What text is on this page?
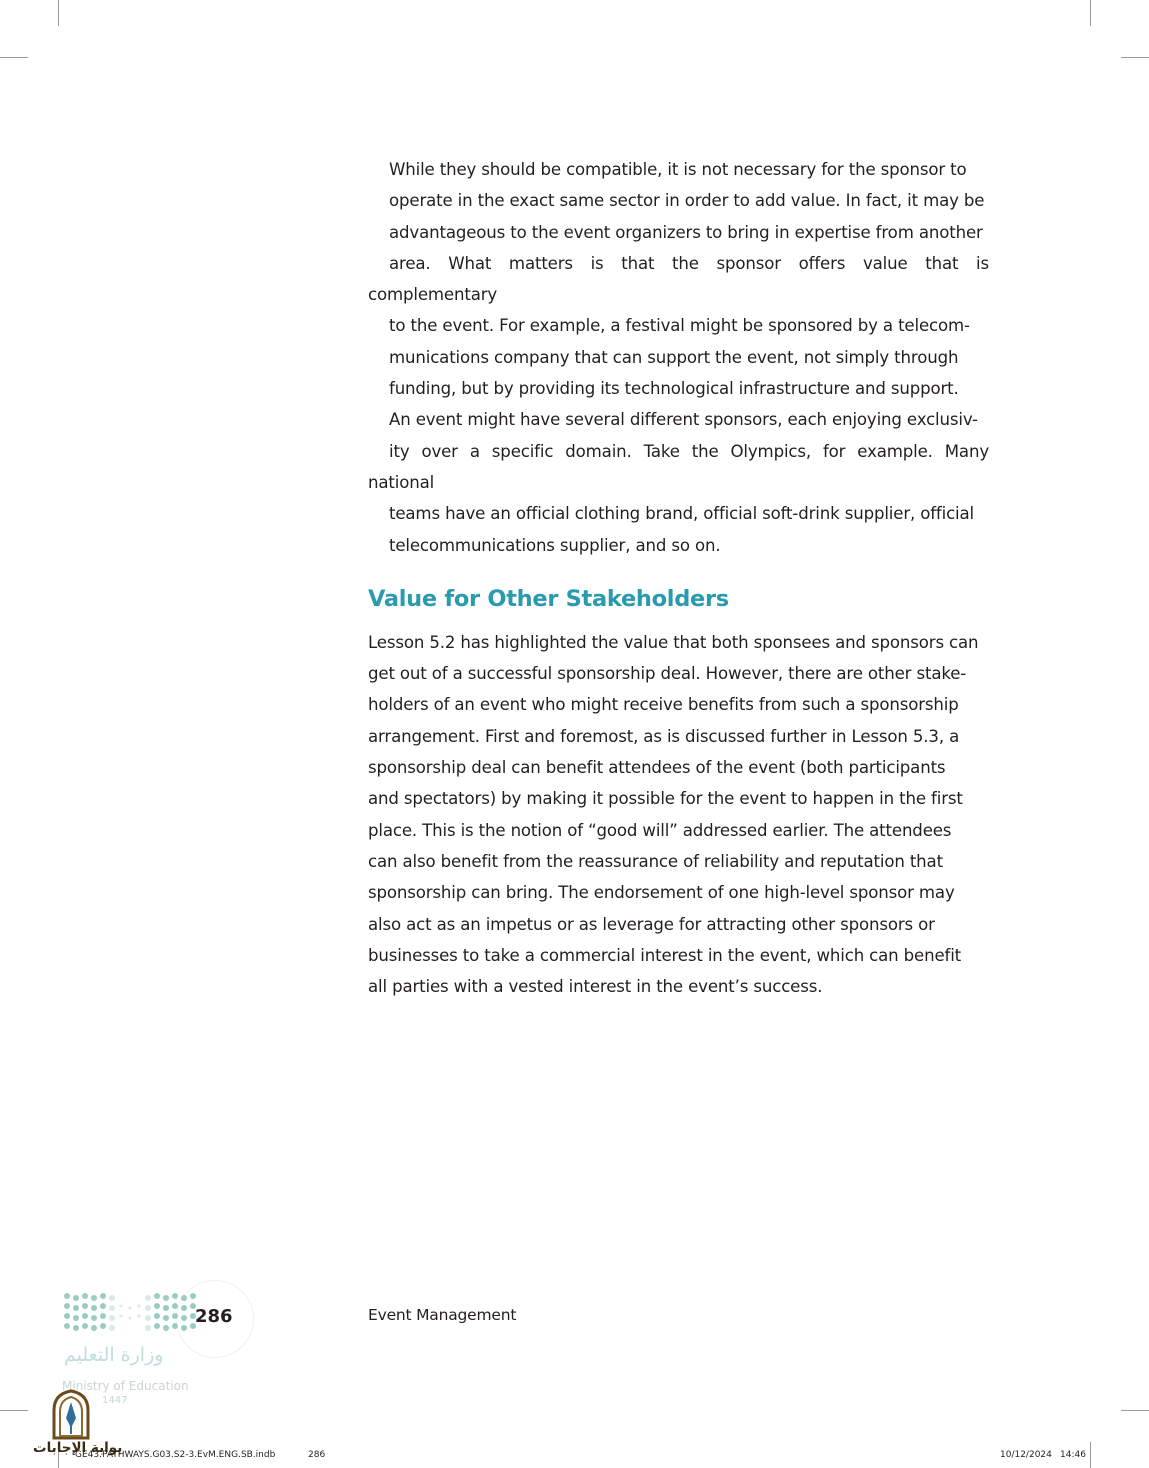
While they should be compatible, it is not necessary for the sponsor to
operate in the exact same sector in order to add value. In fact, it may be
advantageous to the event organizers to bring in expertise from another
area. What matters is that the sponsor offers value that is complementary
to the event. For example, a festival might be sponsored by a telecom-
munications company that can support the event, not simply through
funding, but by providing its technological infrastructure and support.

An event might have several different sponsors, each enjoying exclusiv-
ity over a specific domain. Take the Olympics, for example. Many national
teams have an official clothing brand, official soft-drink supplier, official
telecommunications supplier, and so on.

Value for Other Stakeholders

Lesson 5.2 has highlighted the value that both sponsees and sponsors can
get out of a successful sponsorship deal. However, there are other stake-
holders of an event who might receive benefits from such a sponsorship
arrangement. First and foremost, as is discussed further in Lesson 5.3, a
sponsorship deal can benefit attendees of the event (both participants
and spectators) by making it possible for the event to happen in the first
place. This is the notion of “good will” addressed earlier. The attendees
can also benefit from the reassurance of reliability and reputation that
sponsorship can bring. The endorsement of one high-level sponsor may
also act as an impetus or as leverage for attracting other sponsors or
businesses to take a commercial interest in the event, which can benefit
all parties with a vested interest in the event’s success.

وزارة التعليم
Ministry of Education
1447
286	Event Management
بوابة الإجابات
GE43.PATHWAYS.G03.S2-3.EvM.ENG.SB.indb	286	10/12/2024 14:46
